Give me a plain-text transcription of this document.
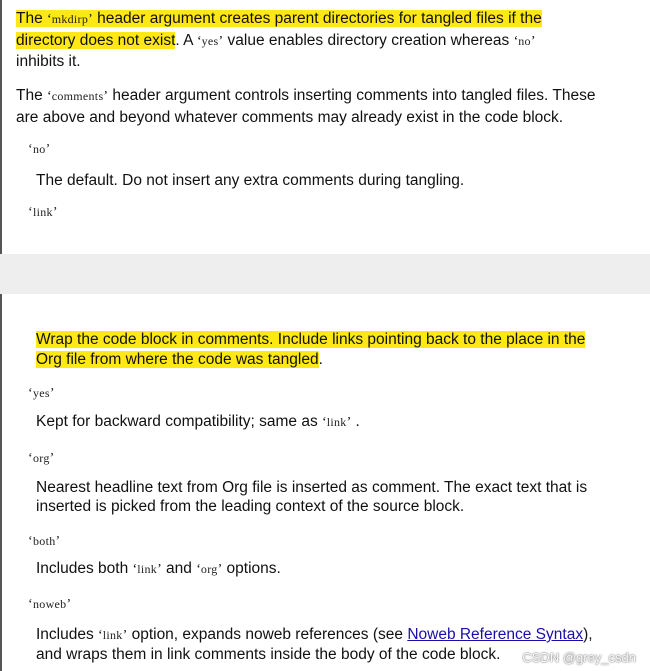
The ‘mkdirp’ header argument creates parent directories for tangled files if the
directory does not exist. A ‘yes’ value enables directory creation whereas ‘no’
inhibits it.
The ‘comments’ header argument controls inserting comments into tangled files. These
are above and beyond whatever comments may already exist in the code block.
‘no’
The default. Do not insert any extra comments during tangling.
‘link’
Wrap the code block in comments. Include links pointing back to the place in the
Org file from where the code was tangled.
‘yes’
Kept for backward compatibility; same as ‘link’ .
‘org’
Nearest headline text from Org file is inserted as comment. The exact text that is
inserted is picked from the leading context of the source block.
‘both’
Includes both ‘link’ and ‘org’ options.
‘noweb’
Includes ‘link’ option, expands noweb references (see Noweb Reference Syntax),
and wraps them in link comments inside the body of the code block. CSDN @grey_csdn
